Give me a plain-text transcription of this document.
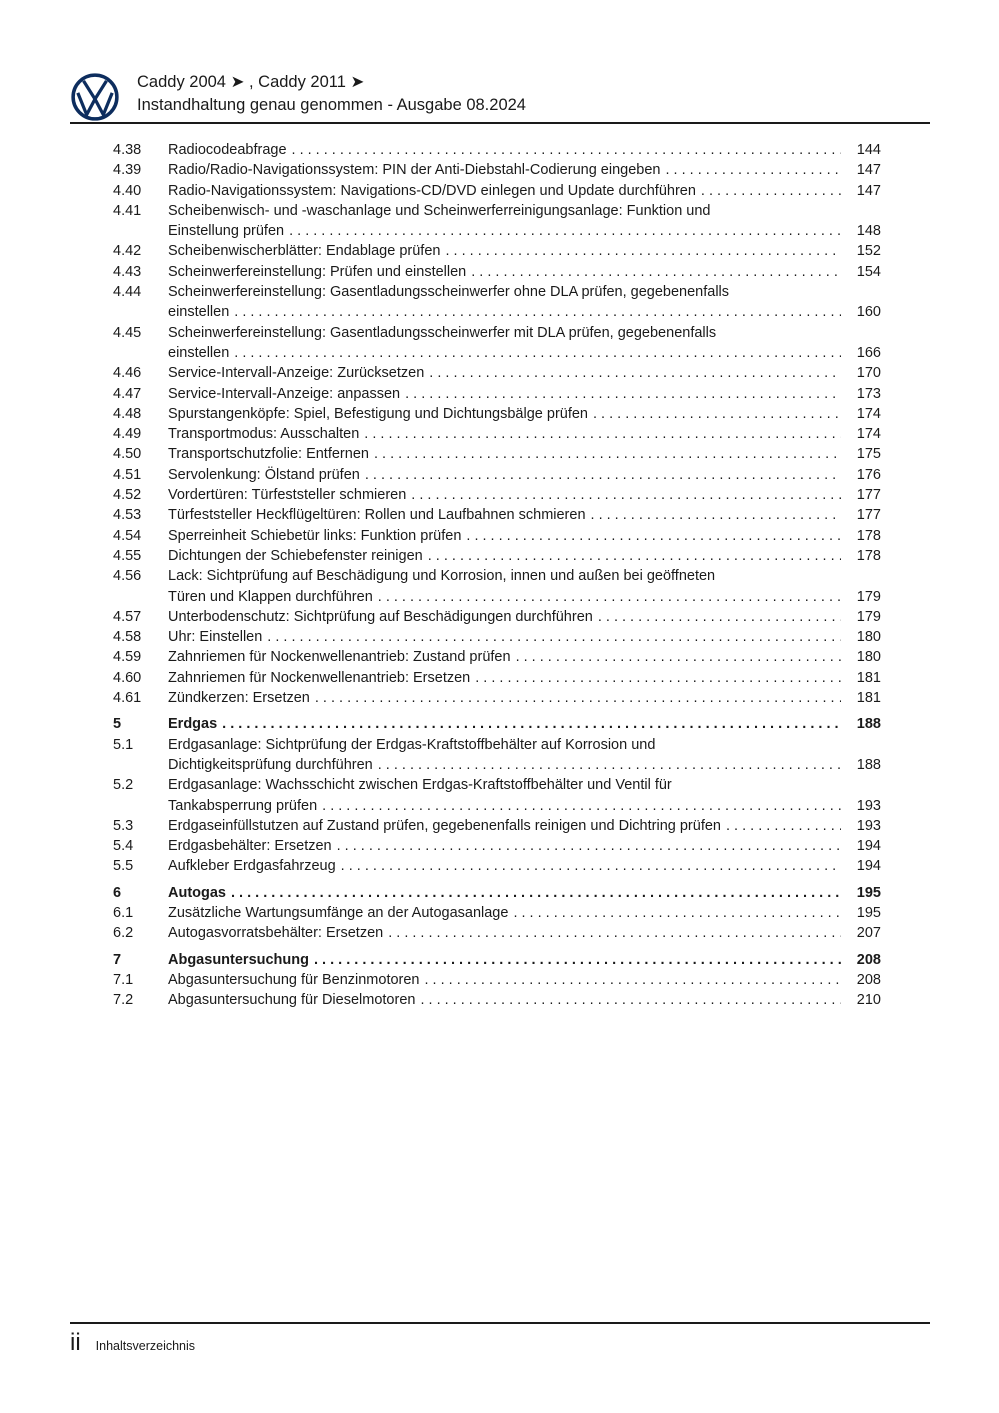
Caddy 2004 ➤ , Caddy 2011 ➤
Instandhaltung genau genommen - Ausgabe 08.2024
4.38	Radiocodeabfrage . . .	144
4.39	Radio/Radio-Navigationssystem: PIN der Anti-Diebstahl-Codierung eingeben . . .	147
4.40	Radio-Navigationssystem: Navigations-CD/DVD einlegen und Update durchführen . . .	147
4.41	Scheibenwisch- und -waschanlage und Scheinwerferreinigungsanlage: Funktion und
Einstellung prüfen . . .	148
4.42	Scheibenwischerblätter: Endablage prüfen . . .	152
4.43	Scheinwerfereinstellung: Prüfen und einstellen . . .	154
4.44	Scheinwerfereinstellung: Gasentladungsscheinwerfer ohne DLA prüfen, gegebenenfalls
einstellen . . .	160
4.45	Scheinwerfereinstellung: Gasentladungsscheinwerfer mit DLA prüfen, gegebenenfalls
einstellen . . .	166
4.46	Service-Intervall-Anzeige: Zurücksetzen . . .	170
4.47	Service-Intervall-Anzeige: anpassen . . .	173
4.48	Spurstangenköpfe: Spiel, Befestigung und Dichtungsbälge prüfen . . .	174
4.49	Transportmodus: Ausschalten . . .	174
4.50	Transportschutzfolie: Entfernen . . .	175
4.51	Servolenkung: Ölstand prüfen . . .	176
4.52	Vordertüren: Türfeststeller schmieren . . .	177
4.53	Türfeststeller Heckflügeltüren: Rollen und Laufbahnen schmieren . . .	177
4.54	Sperreinheit Schiebetür links: Funktion prüfen . . .	178
4.55	Dichtungen der Schiebefenster reinigen . . .	178
4.56	Lack: Sichtprüfung auf Beschädigung und Korrosion, innen und außen bei geöffneten
Türen und Klappen durchführen . . .	179
4.57	Unterbodenschutz: Sichtprüfung auf Beschädigungen durchführen . . .	179
4.58	Uhr: Einstellen . . .	180
4.59	Zahnriemen für Nockenwellenantrieb: Zustand prüfen . . .	180
4.60	Zahnriemen für Nockenwellenantrieb: Ersetzen . . .	181
4.61	Zündkerzen: Ersetzen . . .	181
5	Erdgas . . .	188
5.1	Erdgasanlage: Sichtprüfung der Erdgas-Kraftstoffbehälter auf Korrosion und
Dichtigkeitsprüfung durchführen . . .	188
5.2	Erdgasanlage: Wachsschicht zwischen Erdgas-Kraftstoffbehälter und Ventil für
Tankabsperrung prüfen . . .	193
5.3	Erdgaseinfüllstutzen auf Zustand prüfen, gegebenenfalls reinigen und Dichtring prüfen . . .	193
5.4	Erdgasbehälter: Ersetzen . . .	194
5.5	Aufkleber Erdgasfahrzeug . . .	194
6	Autogas . . .	195
6.1	Zusätzliche Wartungsumfänge an der Autogasanlage . . .	195
6.2	Autogasvorratsbehälter: Ersetzen . . .	207
7	Abgasuntersuchung . . .	208
7.1	Abgasuntersuchung für Benzinmotoren . . .	208
7.2	Abgasuntersuchung für Dieselmotoren . . .	210
ii Inhaltsverzeichnis
